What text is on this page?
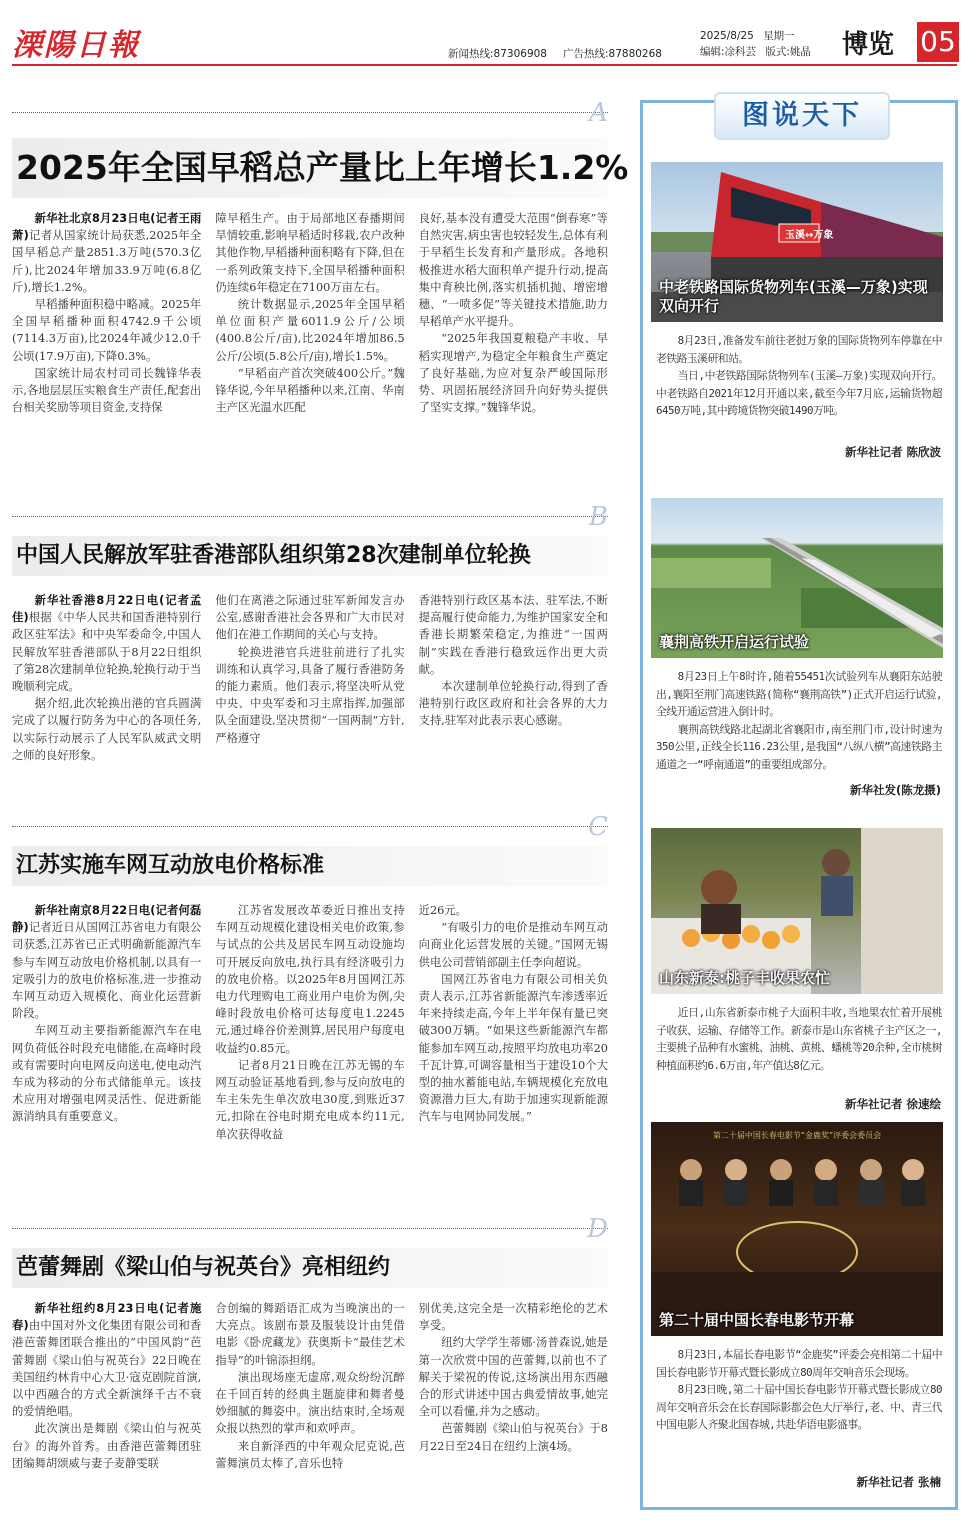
溧陽日報	新闻热线:87306908 广告热线:87880268
2025/8/25 星期一
编辑:凃科芸 版式:姚晶 博览 05
A
2025年全国早稻总产量比上年增长1.2%

新华社北京8月23日电(记者王雨萧)记者从国家统计局获悉,2025年全国早稻总产量2851.3万吨(570.3亿斤),比2024年增加33.9万吨(6.8亿斤),增长1.2%。

早稻播种面积稳中略减。2025年全国早稻播种面积4742.9千公顷(7114.3万亩),比2024年减少12.0千公顷(17.9万亩),下降0.3%。

国家统计局农村司司长魏锋华表示,各地层层压实粮食生产责任,配套出台相关奖励等项目资金,支持保

障早稻生产。由于局部地区春播期间旱情较重,影响早稻适时移栽,农户改种其他作物,早稻播种面积略有下降,但在一系列政策支持下,全国早稻播种面积仍连续6年稳定在7100万亩左右。

统计数据显示,2025年全国早稻单位面积产量6011.9公斤/公顷(400.8公斤/亩),比2024年增加86.5公斤/公顷(5.8公斤/亩),增长1.5%。

“早稻亩产首次突破400公斤。”魏锋华说,今年早稻播种以来,江南、华南主产区光温水匹配

良好,基本没有遭受大范围“倒春寒”等自然灾害,病虫害也较轻发生,总体有利于早稻生长发育和产量形成。各地积极推进水稻大面积单产提升行动,提高集中育秧比例,落实机插机抛、增密增穗、“一喷多促”等关键技术措施,助力早稻单产水平提升。

“2025年我国夏粮稳产丰收、早稻实现增产,为稳定全年粮食生产奠定了良好基础,为应对复杂严峻国际形势、巩固拓展经济回升向好势头提供了坚实支撑。”魏锋华说。

B
中国人民解放军驻香港部队组织第28次建制单位轮换

新华社香港8月22日电(记者孟佳)根据《中华人民共和国香港特别行政区驻军法》和中央军委命令,中国人民解放军驻香港部队于8月22日组织了第28次建制单位轮换,轮换行动于当晚顺利完成。

据介绍,此次轮换出港的官兵圆满完成了以履行防务为中心的各项任务,以实际行动展示了人民军队威武文明之师的良好形象。

他们在离港之际通过驻军新闻发言办公室,感谢香港社会各界和广大市民对他们在港工作期间的关心与支持。

轮换进港官兵进驻前进行了扎实训练和认真学习,具备了履行香港防务的能力素质。他们表示,将坚决听从党中央、中央军委和习主席指挥,加强部队全面建设,坚决贯彻“一国两制”方针,严格遵守

香港特别行政区基本法、驻军法,不断提高履行使命能力,为维护国家安全和香港长期繁荣稳定,为推进“一国两制”实践在香港行稳致远作出更大贡献。

本次建制单位轮换行动,得到了香港特别行政区政府和社会各界的大力支持,驻军对此表示衷心感谢。

C
江苏实施车网互动放电价格标准

新华社南京8月22日电(记者何磊静)记者近日从国网江苏省电力有限公司获悉,江苏省已正式明确新能源汽车参与车网互动放电价格机制,以具有一定吸引力的放电价格标准,进一步推动车网互动迈入规模化、商业化运营新阶段。

车网互动主要指新能源汽车在电网负荷低谷时段充电储能,在高峰时段或有需要时向电网反向送电,使电动汽车成为移动的分布式储能单元。该技术应用对增强电网灵活性、促进新能源消纳具有重要意义。

江苏省发展改革委近日推出支持车网互动规模化建设相关电价政策,参与试点的公共及居民车网互动设施均可开展反向放电,执行具有经济吸引力的放电价格。以2025年8月国网江苏电力代理购电工商业用户电价为例,尖峰时段放电价格可达每度电1.2245元,通过峰谷价差测算,居民用户每度电收益约0.85元。

记者8月21日晚在江苏无锡的车网互动验证基地看到,参与反向放电的车主朱先生单次放电30度,到账近37元,扣除在谷电时期充电成本约11元,单次获得收益

近26元。

“有吸引力的电价是推动车网互动向商业化运营发展的关键。”国网无锡供电公司营销部副主任李向超说。

国网江苏省电力有限公司相关负责人表示,江苏省新能源汽车渗透率近年来持续走高,今年上半年保有量已突破300万辆。“如果这些新能源汽车都能参加车网互动,按照平均放电功率20千瓦计算,可调容量相当于建设10个大型的抽水蓄能电站,车辆规模化充放电资源潜力巨大,有助于加速实现新能源汽车与电网协同发展。”

D
芭蕾舞剧《梁山伯与祝英台》亮相纽约

新华社纽约8月23日电(记者施春)由中国对外文化集团有限公司和香港芭蕾舞团联合推出的“中国风韵”芭蕾舞剧《梁山伯与祝英台》22日晚在美国纽约林肯中心大卫·寇克剧院首演,以中西融合的方式全新演绎千古不衰的爱情绝唱。

此次演出是舞剧《梁山伯与祝英台》的海外首秀。由香港芭蕾舞团驻团编舞胡颂威与妻子麦静雯联

合创编的舞蹈语汇成为当晚演出的一大亮点。该剧布景及服装设计由凭借电影《卧虎藏龙》获奥斯卡“最佳艺术指导”的叶锦添担纲。

演出现场座无虚席,观众纷纷沉醉在千回百转的经典主题旋律和舞者曼妙细腻的舞姿中。演出结束时,全场观众报以热烈的掌声和欢呼声。

来自新泽西的中年观众尼克说,芭蕾舞演员太棒了,音乐也特

别优美,这完全是一次精彩绝伦的艺术享受。

纽约大学学生蒂娜·汤普森说,她是第一次欣赏中国的芭蕾舞,以前也不了解关于梁祝的传说,这场演出用东西融合的形式讲述中国古典爱情故事,她完全可以看懂,并为之感动。

芭蕾舞剧《梁山伯与祝英台》于8月22日至24日在纽约上演4场。

图说天下
玉溪↔万象
中老铁路国际货物列车(玉溪—万象)实现双向开行

8月23日,准备发车前往老挝万象的国际货物列车停靠在中老铁路玉溪研和站。

当日,中老铁路国际货物列车(玉溪—万象)实现双向开行。中老铁路自2021年12月开通以来,截至今年7月底,运输货物超6450万吨,其中跨境货物突破1490万吨。

新华社记者 陈欣波
襄荆高铁开启运行试验

8月23日上午8时许,随着55451次试验列车从襄阳东站驶出,襄阳至荆门高速铁路(简称“襄荆高铁”)正式开启运行试验,全线开通运营进入倒计时。

襄荆高铁线路北起湖北省襄阳市,南至荆门市,设计时速为350公里,正线全长116.23公里,是我国“八纵八横”高速铁路主通道之一“呼南通道”的重要组成部分。

新华社发(陈龙摄)
山东新泰:桃子丰收果农忙

近日,山东省新泰市桃子大面积丰收,当地果农忙着开展桃子收获、运输、存储等工作。新泰市是山东省桃子主产区之一,主要桃子品种有水蜜桃、油桃、黄桃、蟠桃等20余种,全市桃树种植面积约6.6万亩,年产值达8亿元。

新华社记者 徐速绘
第二十届中国长春电影节“金鹿奖”评委会委员会
第二十届中国长春电影节开幕

8月23日,本届长春电影节“金鹿奖”评委会亮相第二十届中国长春电影节开幕式暨长影成立80周年交响音乐会现场。

8月23日晚,第二十届中国长春电影节开幕式暨长影成立80周年交响音乐会在长春国际影都会色大厅举行,老、中、青三代中国电影人齐聚北国春城,共赴华语电影盛事。

新华社记者 张楠
